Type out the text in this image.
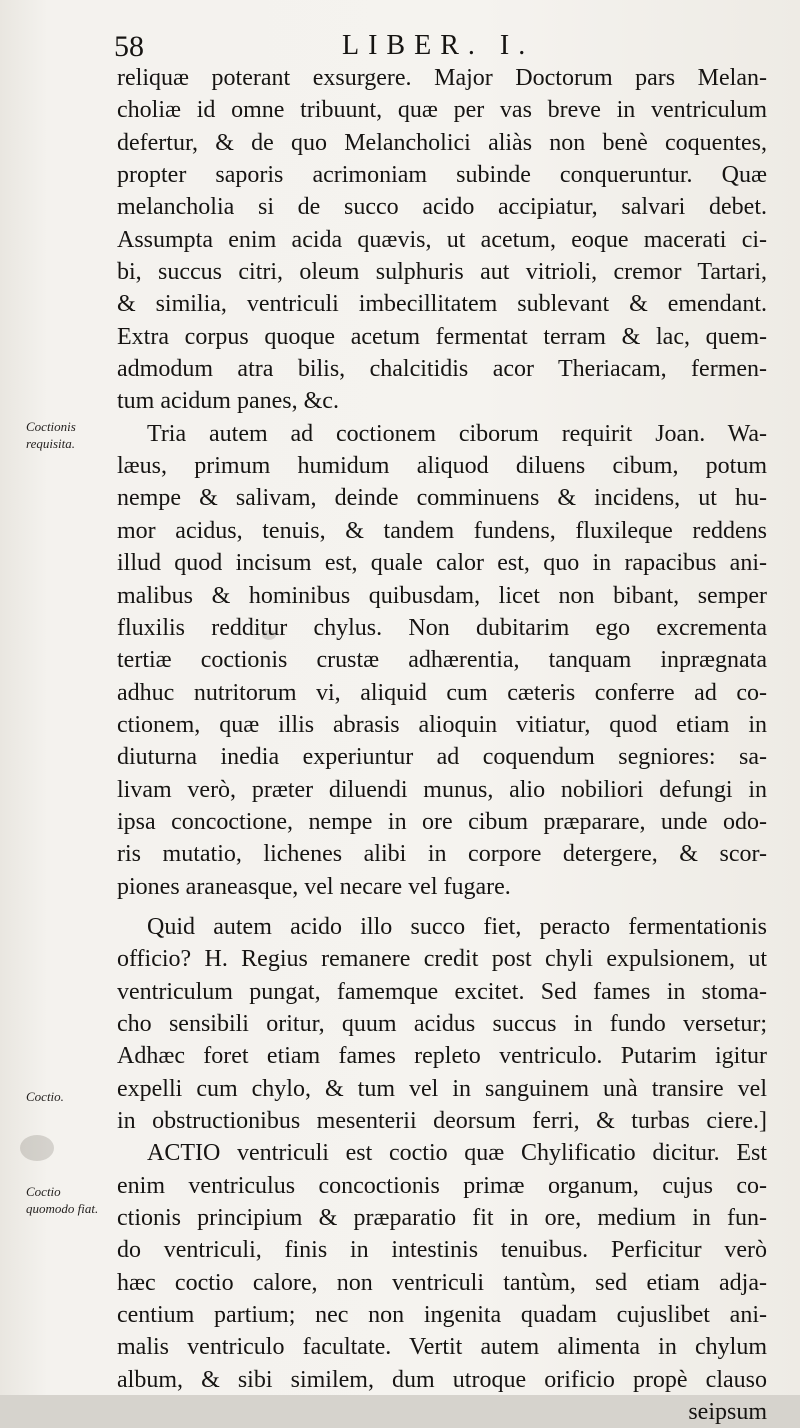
58	LIBER. I.
Coctionis requisita.
Coctio.
Coctio quomodo fiat.
reliquæ poterant exsurgere. Major Doctorum pars Melan-
choliæ id omne tribuunt, quæ per vas breve in ventriculum
defertur, & de quo Melancholici aliàs non benè coquentes,
propter saporis acrimoniam subinde conqueruntur. Quæ
melancholia si de succo acido accipiatur, salvari debet.
Assumpta enim acida quævis, ut acetum, eoque macerati ci-
bi, succus citri, oleum sulphuris aut vitrioli, cremor Tartari,
& similia, ventriculi imbecillitatem sublevant & emendant.
Extra corpus quoque acetum fermentat terram & lac, quem-
admodum atra bilis, chalcitidis acor Theriacam, fermen-
tum acidum panes, &c.
Tria autem ad coctionem ciborum requirit Joan. Wa-
læus, primum humidum aliquod diluens cibum, potum
nempe & salivam, deinde comminuens & incidens, ut hu-
mor acidus, tenuis, & tandem fundens, fluxileque reddens
illud quod incisum est, quale calor est, quo in rapacibus ani-
malibus & hominibus quibusdam, licet non bibant, semper
fluxilis redditur chylus. Non dubitarim ego excrementa
tertiæ coctionis crustæ adhærentia, tanquam inprægnata
adhuc nutritorum vi, aliquid cum cæteris conferre ad co-
ctionem, quæ illis abrasis alioquin vitiatur, quod etiam in
diuturna inedia experiuntur ad coquendum segniores: sa-
livam verò, præter diluendi munus, alio nobiliori defungi in
ipsa concoctione, nempe in ore cibum præparare, unde odo-
ris mutatio, lichenes alibi in corpore detergere, & scor-
piones araneasque, vel necare vel fugare.
Quid autem acido illo succo fiet, peracto fermentationis
officio? H. Regius remanere credit post chyli expulsionem, ut
ventriculum pungat, famemque excitet. Sed fames in stoma-
cho sensibili oritur, quum acidus succus in fundo versetur;
Adhæc foret etiam fames repleto ventriculo. Putarim igitur
expelli cum chylo, & tum vel in sanguinem unà transire vel
in obstructionibus mesenterii deorsum ferri, & turbas ciere.]
ACTIO ventriculi est coctio quæ Chylificatio dicitur. Est
enim ventriculus concoctionis primæ organum, cujus co-
ctionis principium & præparatio fit in ore, medium in fun-
do ventriculi, finis in intestinis tenuibus. Perficitur verò
hæc coctio calore, non ventriculi tantùm, sed etiam adja-
centium partium; nec non ingenita quadam cujuslibet ani-
malis ventriculo facultate. Vertit autem alimenta in chylum
album, & sibi similem, dum utroque orificio propè clauso
seipsum
